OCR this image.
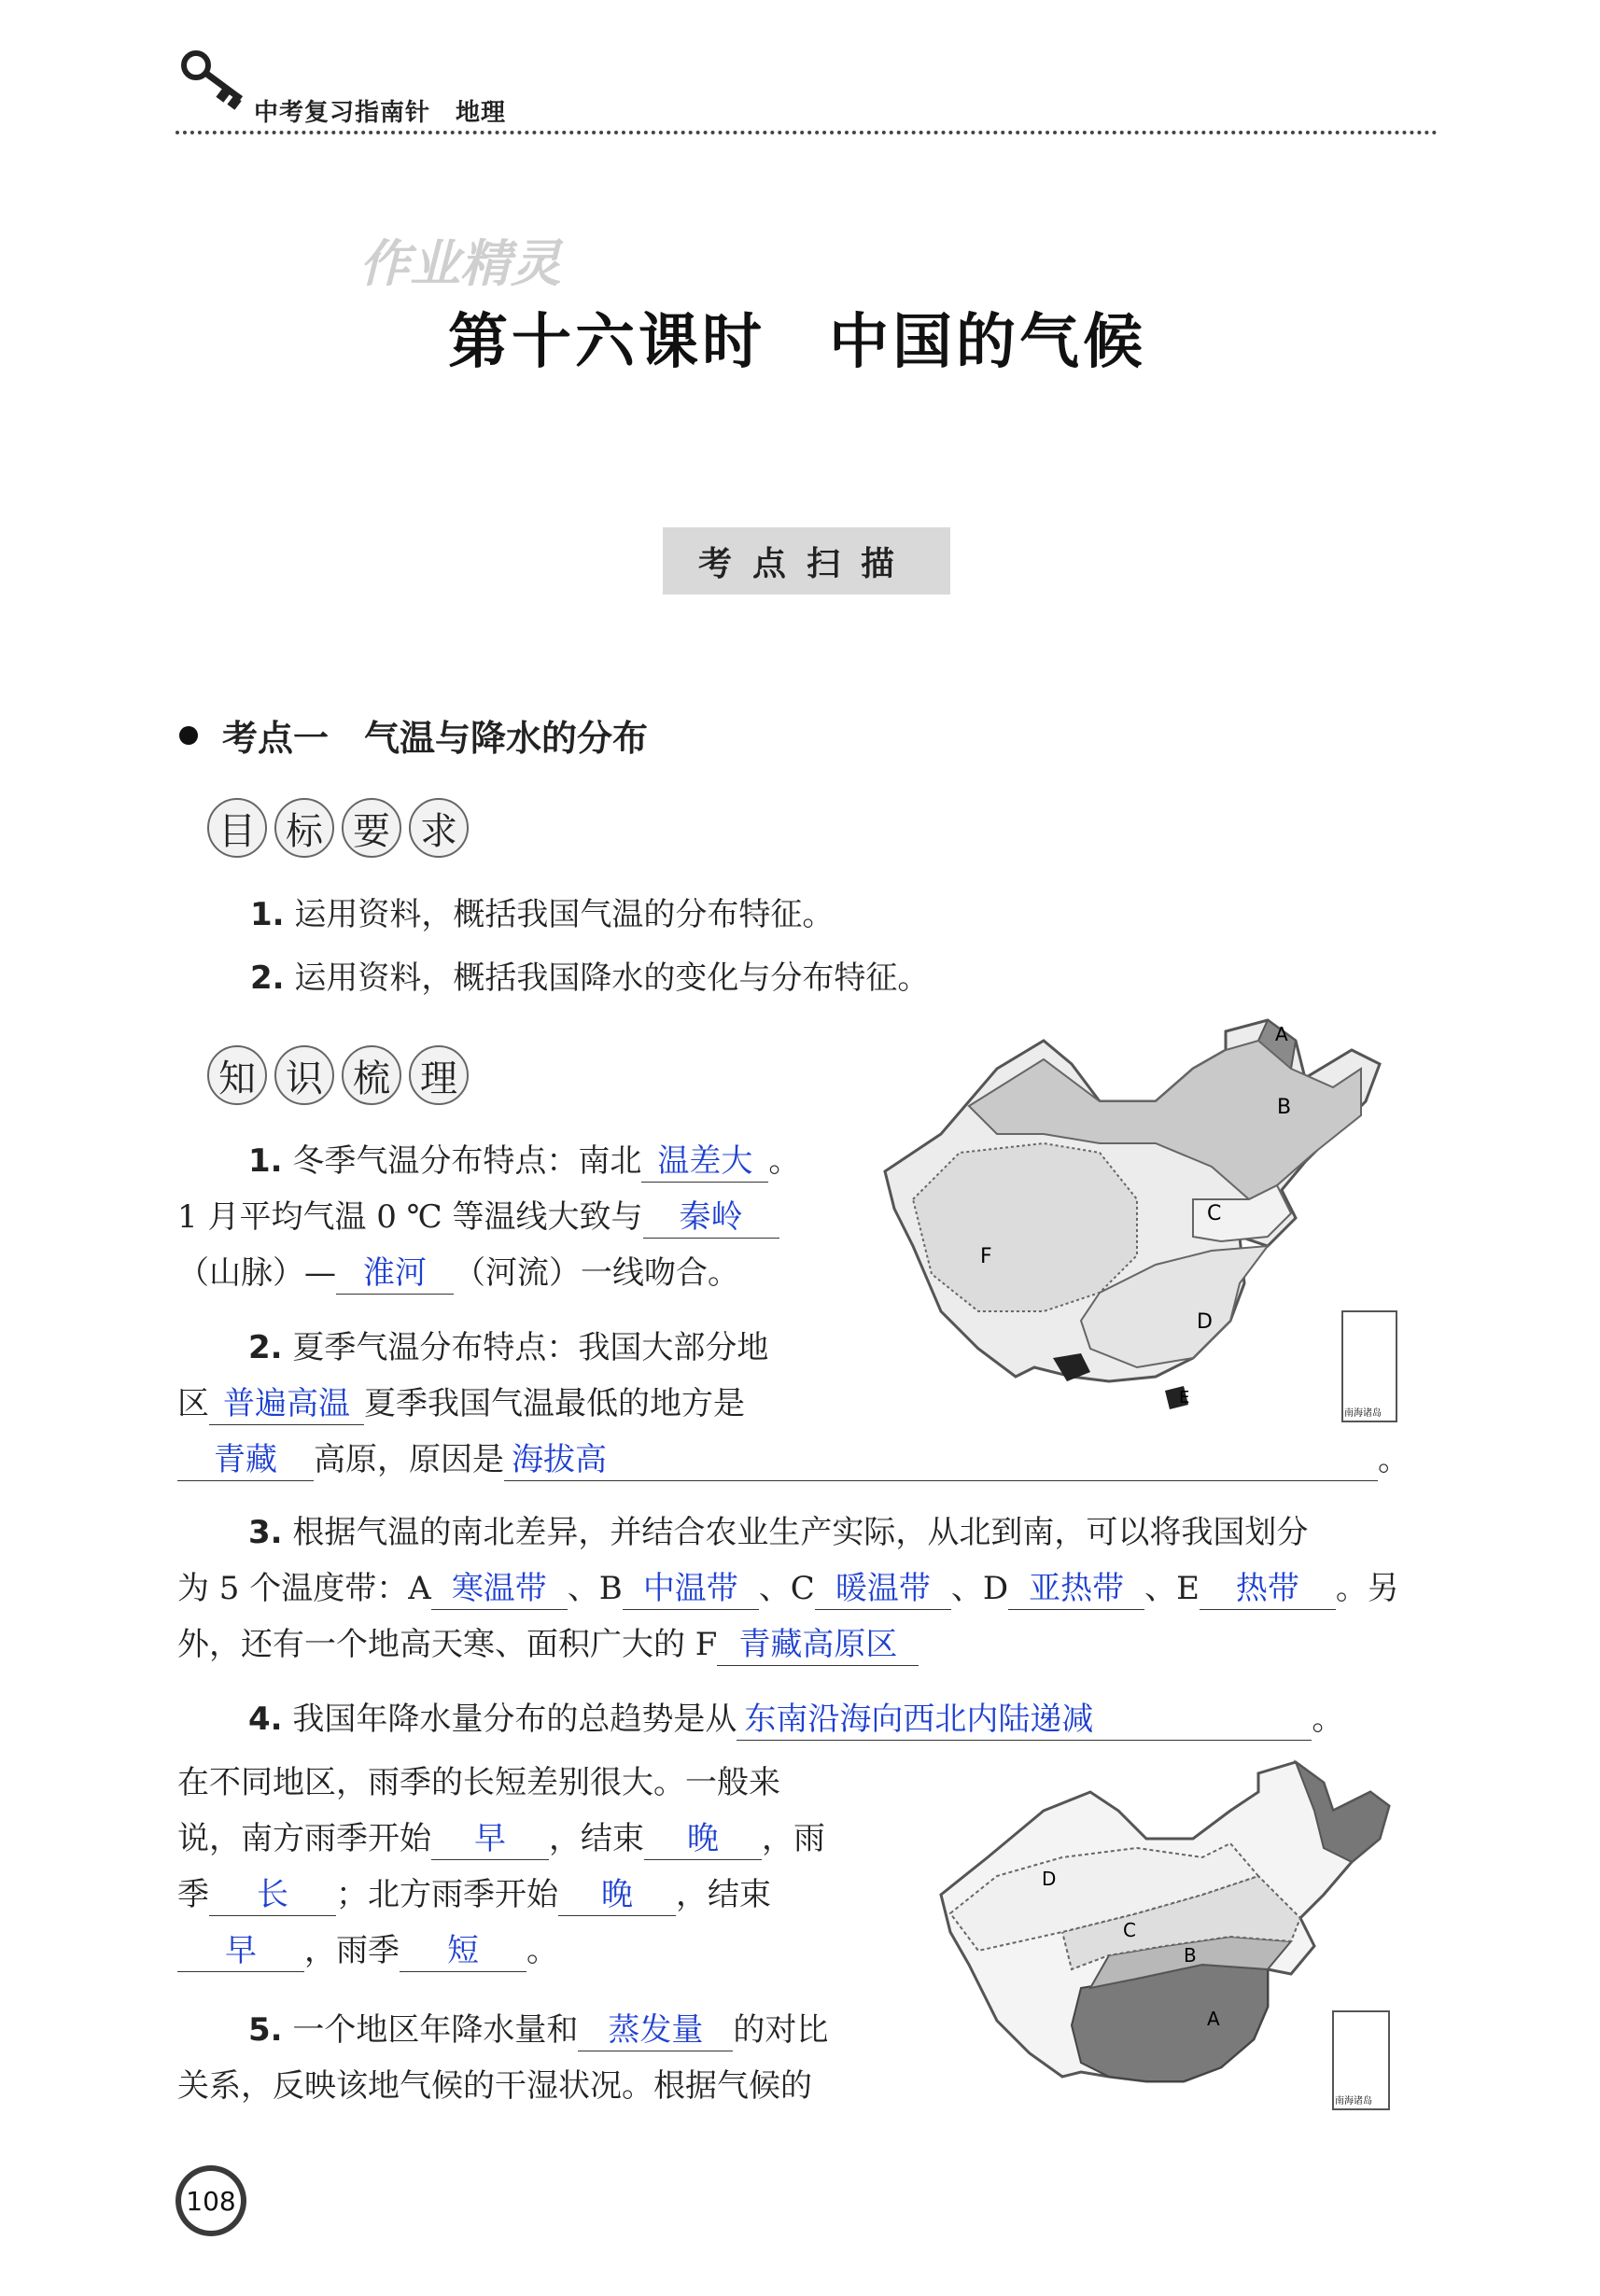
中考复习指南针　地理
作业精灵
第十六课时　中国的气候
考点扫描
考点一　气温与降水的分布
目 标 要 求
1. 运用资料，概括我国气温的分布特征。
2. 运用资料，概括我国降水的变化与分布特征。
知 识 梳 理
A
B
C
D
E
F
南海诸岛
1. 冬季气温分布特点：南北 温差大 。
1 月平均气温 0 ℃ 等温线大致与 秦岭
（山脉）— 淮河 （河流）一线吻合。
2. 夏季气温分布特点：我国大部分地
区 普遍高温 夏季我国气温最低的地方是
青藏 高原，原因是 海拔高	。
3. 根据气温的南北差异，并结合农业生产实际，从北到南，可以将我国划分
为 5 个温度带：A 寒温带 、B 中温带 、C 暖温带 、D 亚热带 、E 热带 。另
外，还有一个地高天寒、面积广大的 F 青藏高原区
4. 我国年降水量分布的总趋势是从 东南沿海向西北内陆递减	。
在不同地区，雨季的长短差别很大。一般来
说，南方雨季开始 早 ，结束 晚 ，雨
季 长 ；北方雨季开始 晚 ，结束
早 ，雨季 短 。
A
B
C
D
南海诸岛
5. 一个地区年降水量和 蒸发量 的对比
关系，反映该地气候的干湿状况。根据气候的
108
